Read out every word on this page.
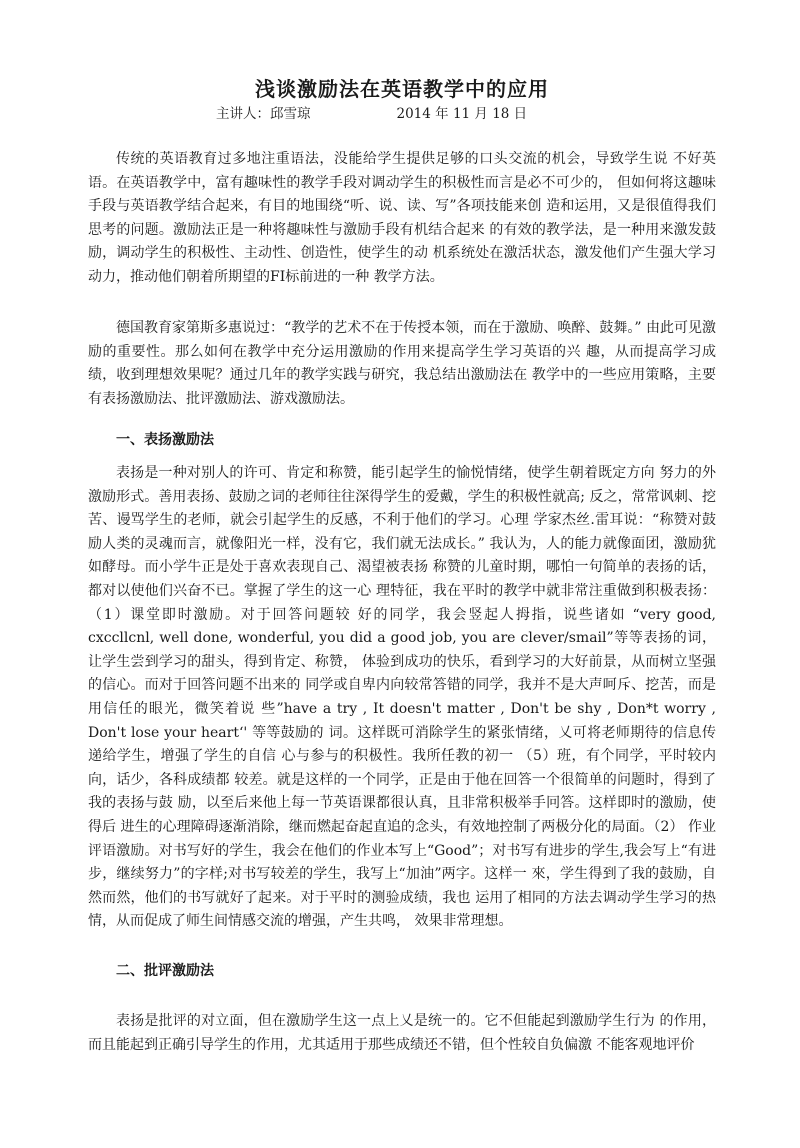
浅谈激励法在英语教学中的应用
主讲人：邱雪琼	2014 年 11 月 18 日

传统的英语教育过多地注重语法，没能给学生提供足够的口头交流的机会，导致学生说 不好英语。在英语教学中，富有趣味性的教学手段对调动学生的积极性而言是必不可少的， 但如何将这趣味手段与英语教学结合起来，有目的地围绕“听、说、读、写”各项技能来创 造和运用，又是很值得我们思考的问题。激励法正是一种将趣味性与激励手段有机结合起来 的有效的教学法，是一种用来激发鼓励，调动学生的积极性、主动性、创造性，使学生的动 机系统处在激活状态，激发他们产生强大学习动力，推动他们朝着所期望的FI标前进的一种 教学方法。

德国教育家第斯多惠说过：“教学的艺术不在于传授本领，而在于激励、唤醉、鼓舞。” 由此可见激励的重要性。那么如何在教学中充分运用激励的作用来提高学生学习英语的兴 趣，从而提高学习成绩，收到理想效果呢？通过几年的教学实践与研究，我总结出激励法在 教学中的一些应用策略，主要有表扬激励法、批评激励法、游戏激励法。

一、表扬激励法

表扬是一种对别人的许可、肯定和称赞，能引起学生的愉悦情绪，使学生朝着既定方向 努力的外激励形式。善用表扬、鼓励之词的老师往往深得学生的爱戴，学生的积极性就高; 反之，常常讽刺、挖苦、谩骂学生的老师，就会引起学生的反感，不利于他们的学习。心理 学家杰丝.雷耳说：“称赞对鼓励人类的灵魂而言，就像阳光一样，没有它，我们就无法成长。” 我认为，人的能力就像面团，激励犹如酵母。而小学牛正是处于喜欢表现自己、渴望被表扬 称赞的儿童时期，哪怕一句简单的表扬的话，都对以使他们兴奋不已。掌握了学生的这一心 理特征，我在平时的教学中就非常注重做到积极表扬：（1）课堂即时激励。对于回答问题较 好的同学，我会竖起人拇指，说些诸如 “very good, cxccllcnl, well done, wonderful, you did a good job, you are clever/smail”等等表扬的词，让学生尝到学习的甜头，得到肯定、称赞， 体验到成功的快乐，看到学习的大好前景，从而树立坚强的信心。而对于回答问题不出来的 同学或自卑内向较常答错的同学，我并不是大声呵斥、挖苦，而是用信任的眼光，微笑着说 些”have a try , It doesn't matter , Don't be shy , Don*t worry , Don't lose your heart‘' 等等鼓励的 词。这样既可消除学生的紧张情绪，乂可将老师期待的信息传递给学生，增强了学生的自信 心与参与的积极性。我所任教的初一 （5）班，有个同学，平时较内向，话少，各科成绩都 较差。就是这样的一个同学，正是由于他在回答一个很简单的问题时，得到了我的表扬与鼓 励，以至后来他上每一节英语课都很认真，且非常积极举手冋答。这样即时的激励，使得后 进生的心理障碍逐渐消除，继而燃起奋起直追的念头，有效地控制了两极分化的局面。（2） 作业评语激励。对书写好的学生，我会在他们的作业本写上“Good”；对书写有进步的学生,我会写上“有进步，继续努力”的字样;对书写较差的学生，我写上“加油”两字。这样一 來，学生得到了我的鼓励，自然而然，他们的书写就好了起来。对于平时的测验成绩，我也 运用了相同的方法去调动学生学习的热情，从而促成了师生间情感交流的增强，产生共鸣， 效果非常理想。

二、批评激励法

表扬是批评的对立面，但在激励学生这一点上乂是统一的。它不但能起到激励学生行为 的作用，而且能起到正确引导学生的作用，尤其适用于那些成绩还不错，但个性较自负偏激 不能客观地评价
